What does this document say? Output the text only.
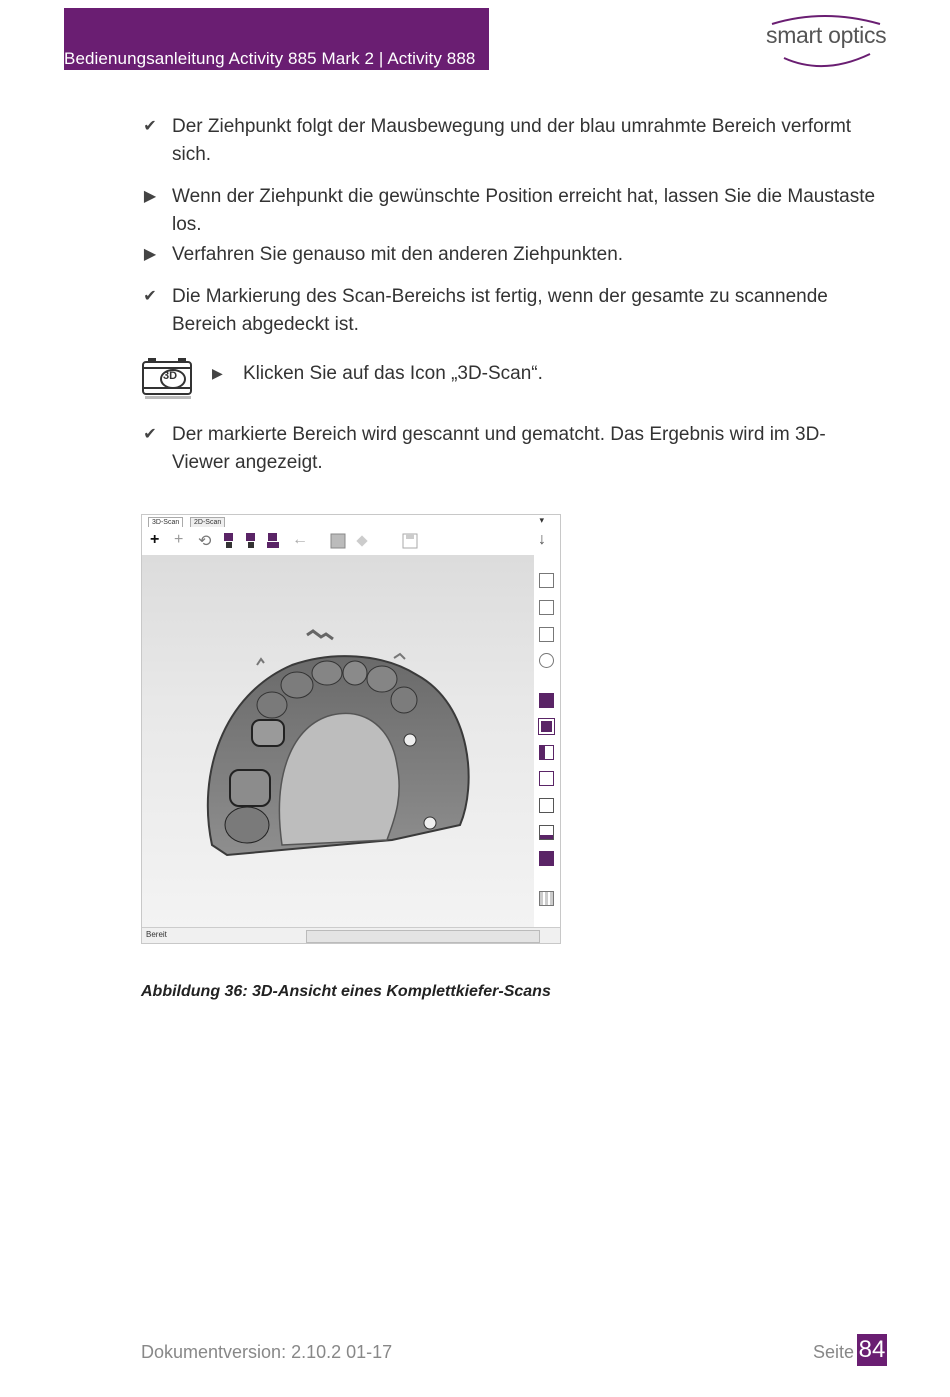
Bedienungsanleitung Activity 885 Mark 2 | Activity 888
smart optics
✔ Der Ziehpunkt folgt der Mausbewegung und der blau umrahmte Bereich verformt sich.
▶ Wenn der Ziehpunkt die gewünschte Position erreicht hat, lassen Sie die Maustaste los.
▶ Verfahren Sie genauso mit den anderen Ziehpunkten.
✔ Die Markierung des Scan-Bereichs ist fertig, wenn der gesamte zu scannende Bereich abgedeckt ist.
3D ▶ Klicken Sie auf das Icon „3D-Scan“.
✔ Der markierte Bereich wird gescannt und gematcht. Das Ergebnis wird im 3D-Viewer angezeigt.
3D-Scan	2D-Scan	▾
+ + ⟲	←	↓
Bereit
Abbildung 36: 3D-Ansicht eines Komplettkiefer-Scans
Dokumentversion: 2.10.2 01-17	Seite 84
